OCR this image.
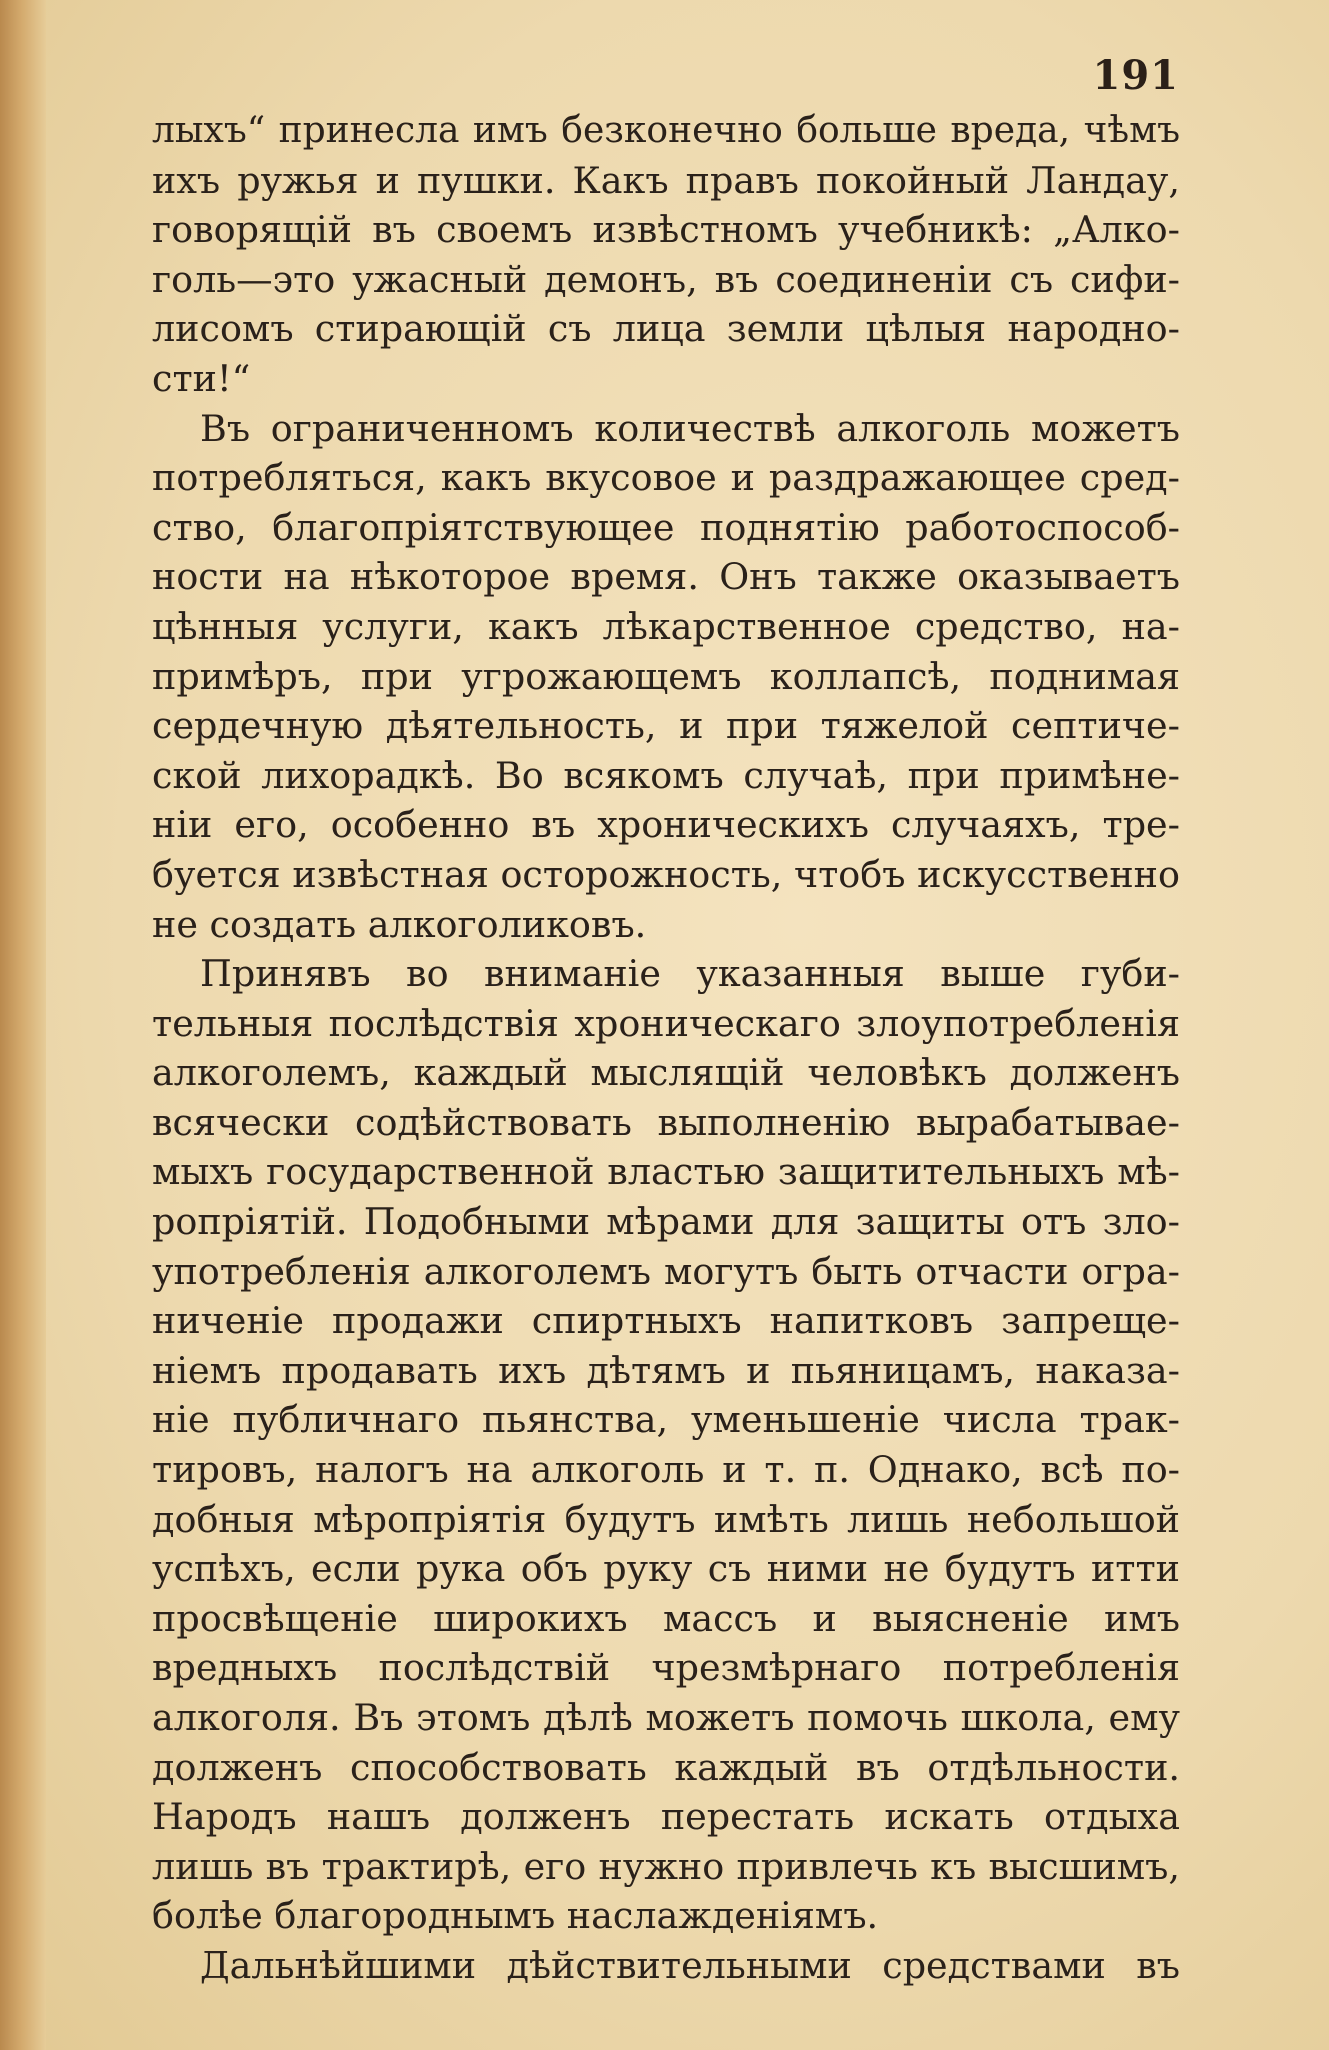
191
лыхъ“ принесла имъ безконечно больше вреда, чѣмъ
ихъ ружья и пушки. Какъ правъ покойный Ландау,
говорящій въ своемъ извѣстномъ учебникѣ: „Алко-
голь—это ужасный демонъ, въ соединеніи съ сифи-
лисомъ стирающій съ лица земли цѣлыя народно-
сти!“
Въ ограниченномъ количествѣ алкоголь можетъ
потребляться, какъ вкусовое и раздражающее сред-
ство, благопріятствующее поднятію работоспособ-
ности на нѣкоторое время. Онъ также оказываетъ
цѣнныя услуги, какъ лѣкарственное средство, на-
примѣръ, при угрожающемъ коллапсѣ, поднимая
сердечную дѣятельность, и при тяжелой септиче-
ской лихорадкѣ. Во всякомъ случаѣ, при примѣне-
ніи его, особенно въ хроническихъ случаяхъ, тре-
буется извѣстная осторожность, чтобъ искусственно
не создать алкоголиковъ.
Принявъ во вниманіе указанныя выше губи-
тельныя послѣдствія хроническаго злоупотребленія
алкоголемъ, каждый мыслящій человѣкъ долженъ
всячески содѣйствовать выполненію вырабатывае-
мыхъ государственной властью защитительныхъ мѣ-
ропріятій. Подобными мѣрами для защиты отъ зло-
употребленія алкоголемъ могутъ быть отчасти огра-
ниченіе продажи спиртныхъ напитковъ запреще-
ніемъ продавать ихъ дѣтямъ и пьяницамъ, наказа-
ніе публичнаго пьянства, уменьшеніе числа трак-
тировъ, налогъ на алкоголь и т. п. Однако, всѣ по-
добныя мѣропріятія будутъ имѣть лишь небольшой
успѣхъ, если рука объ руку съ ними не будутъ итти
просвѣщеніе широкихъ массъ и выясненіе имъ
вредныхъ послѣдствій чрезмѣрнаго потребленія
алкоголя. Въ этомъ дѣлѣ можетъ помочь школа, ему
долженъ способствовать каждый въ отдѣльности.
Народъ нашъ долженъ перестать искать отдыха
лишь въ трактирѣ, его нужно привлечь къ высшимъ,
болѣе благороднымъ наслажденіямъ.
Дальнѣйшими дѣйствительными средствами въ
